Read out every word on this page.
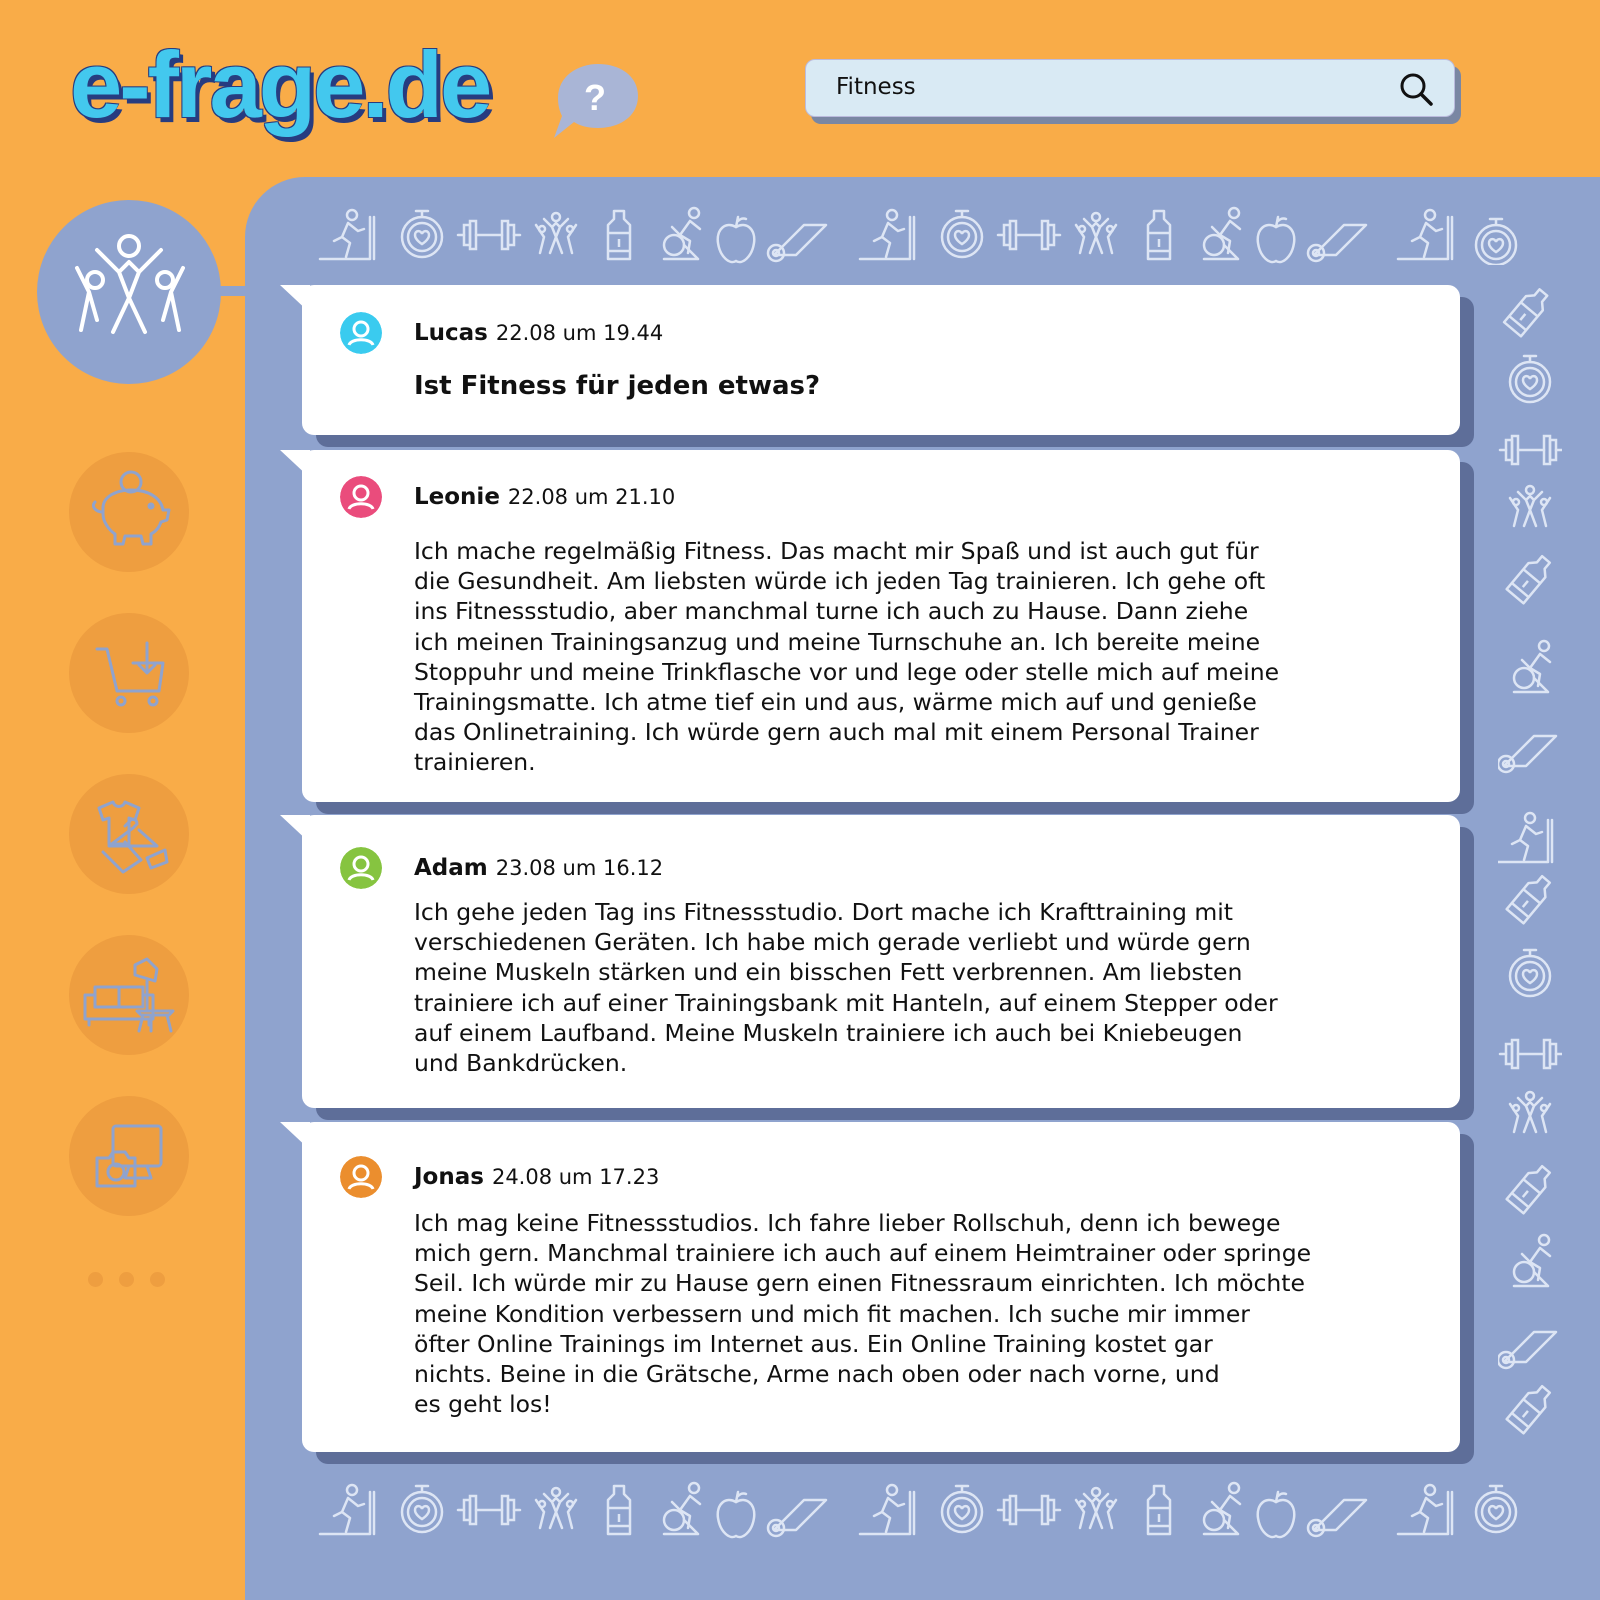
e-frage.de	?	Fitness
Lucas 22.08 um 19.44
Ist Fitness für jeden etwas?
Leonie 22.08 um 21.10

Ich mache regelmäßig Fitness. Das macht mir Spaß und ist auch gut für
die Gesundheit. Am liebsten würde ich jeden Tag trainieren. Ich gehe oft
ins Fitnessstudio, aber manchmal turne ich auch zu Hause. Dann ziehe
ich meinen Trainingsanzug und meine Turnschuhe an. Ich bereite meine
Stoppuhr und meine Trinkflasche vor und lege oder stelle mich auf meine
Trainingsmatte. Ich atme tief ein und aus, wärme mich auf und genieße
das Onlinetraining. Ich würde gern auch mal mit einem Personal Trainer
trainieren.

Adam 23.08 um 16.12

Ich gehe jeden Tag ins Fitnessstudio. Dort mache ich Krafttraining mit
verschiedenen Geräten. Ich habe mich gerade verliebt und würde gern
meine Muskeln stärken und ein bisschen Fett verbrennen. Am liebsten
trainiere ich auf einer Trainingsbank mit Hanteln, auf einem Stepper oder
auf einem Laufband. Meine Muskeln trainiere ich auch bei Kniebeugen
und Bankdrücken.

Jonas 24.08 um 17.23

Ich mag keine Fitnessstudios. Ich fahre lieber Rollschuh, denn ich bewege
mich gern. Manchmal trainiere ich auch auf einem Heimtrainer oder springe
Seil. Ich würde mir zu Hause gern einen Fitnessraum einrichten. Ich möchte
meine Kondition verbessern und mich fit machen. Ich suche mir immer
öfter Online Trainings im Internet aus. Ein Online Training kostet gar
nichts. Beine in die Grätsche, Arme nach oben oder nach vorne, und
es geht los!
